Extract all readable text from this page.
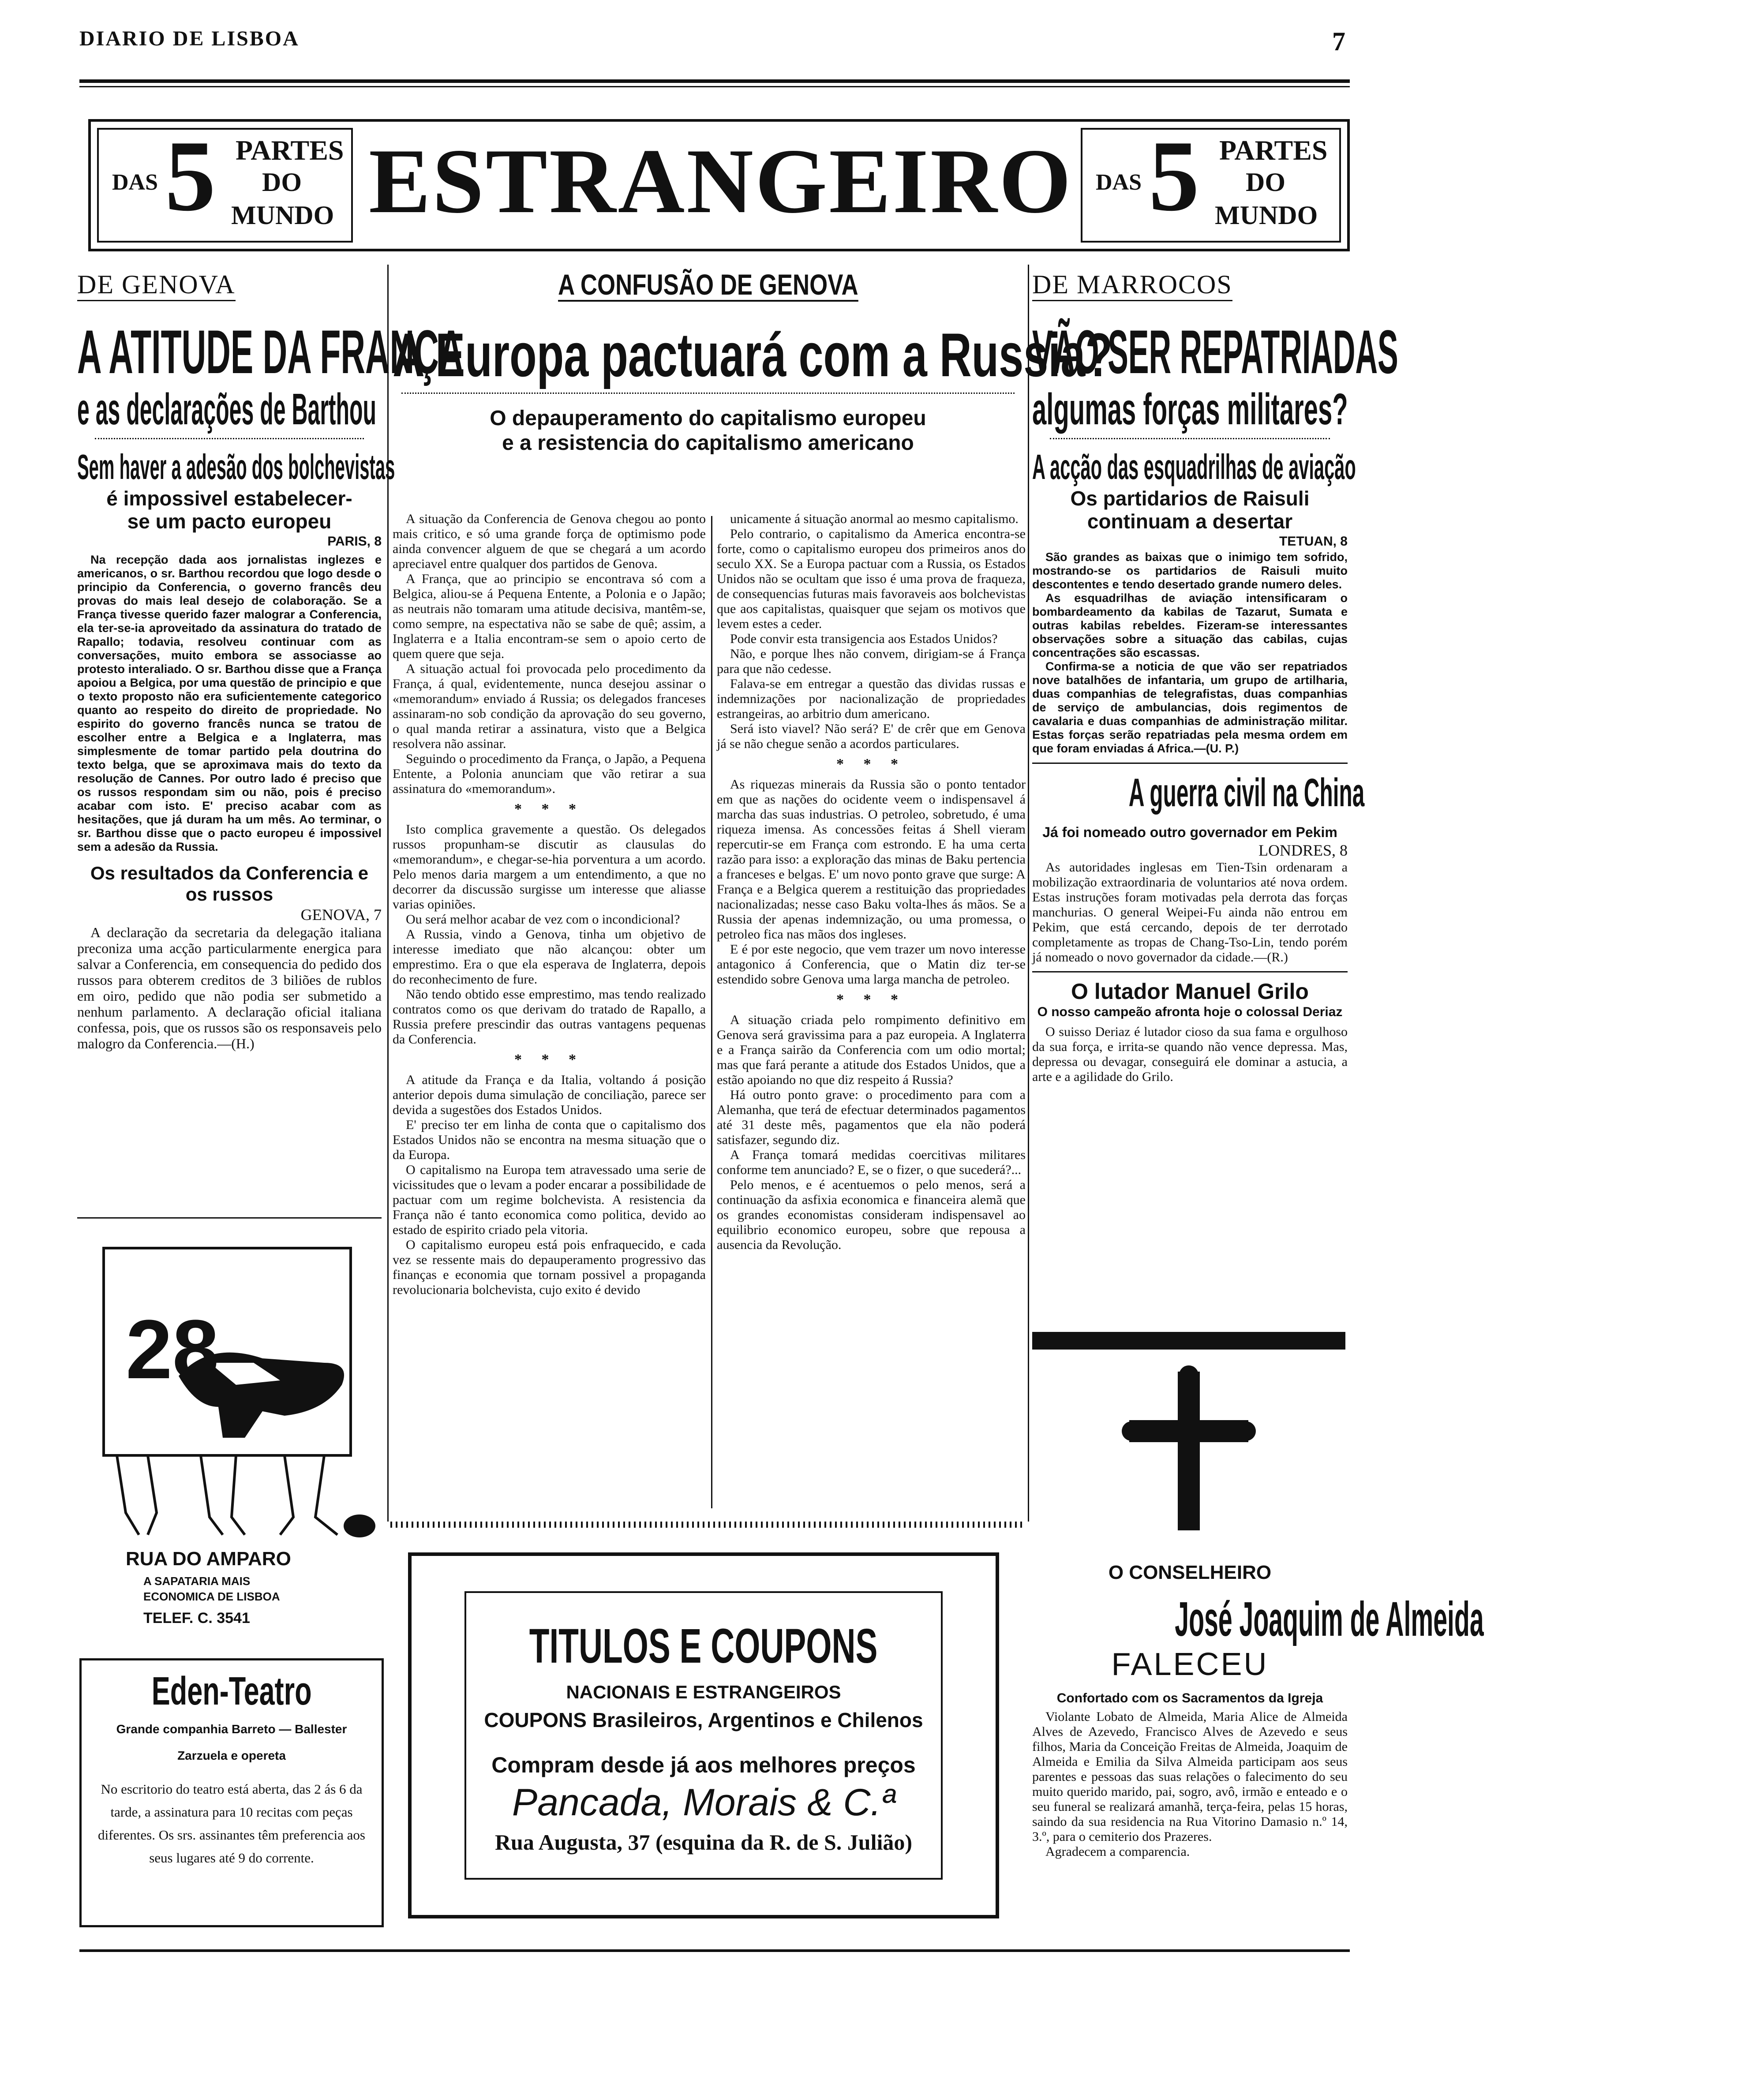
DIARIO DE LISBOA	7
DAS 5 PARTES
DO
MUNDO ESTRANGEIRO DAS 5 PARTES
DO
MUNDO
DE GENOVA
A ATITUDE DA FRANÇA
e as declarações de Barthou
Sem haver a adesão dos bolchevistas
é impossivel estabelecer-
se um pacto europeu
PARIS, 8

Na recepção dada aos jornalistas inglezes e americanos, o sr. Barthou recordou que logo desde o principio da Conferencia, o governo francês deu provas do mais leal desejo de colaboração. Se a França tivesse querido fazer malograr a Conferencia, ela ter-se-ia aproveitado da assinatura do tratado de Rapallo; todavia, resolveu continuar com as conversações, muito embora se associasse ao protesto interaliado. O sr. Barthou disse que a França apoiou a Belgica, por uma questão de principio e que o texto proposto não era suficientemente categorico quanto ao respeito do direito de propriedade. No espirito do governo francês nunca se tratou de escolher entre a Belgica e a Inglaterra, mas simplesmente de tomar partido pela doutrina do texto belga, que se aproximava mais do texto da resolução de Cannes. Por outro lado é preciso que os russos respondam sim ou não, pois é preciso acabar com isto. E' preciso acabar com as hesitações, que já duram ha um mês. Ao terminar, o sr. Barthou disse que o pacto europeu é impossivel sem a adesão da Russia.

Os resultados da Conferencia e os russos
GENOVA, 7

A declaração da secretaria da delegação italiana preconiza uma acção particularmente energica para salvar a Conferencia, em consequencia do pedido dos russos para obterem creditos de 3 biliões de rublos em oiro, pedido que não podia ser submetido a nenhum parlamento. A declaração oficial italiana confessa, pois, que os russos são os responsaveis pelo malogro da Conferencia.—(H.)

28
RUA DO AMPARO
A SAPATARIA MAIS
ECONOMICA DE LISBOA
TELEF. C. 3541
Eden-Teatro
Grande companhia Barreto — Ballester
Zarzuela e opereta

No escritorio do teatro está aberta, das 2 ás 6 da tarde, a assinatura para 10 recitas com peças diferentes. Os srs. assinantes têm preferencia aos seus lugares até 9 do corrente.

A CONFUSÃO DE GENOVA
A Europa pactuará com a Russia?
O depauperamento do capitalismo europeu
e a resistencia do capitalismo americano

A situação da Conferencia de Genova chegou ao ponto mais critico, e só uma grande força de optimismo pode ainda convencer alguem de que se chegará a um acordo apreciavel entre qualquer dos partidos de Genova.

A França, que ao principio se encontrava só com a Belgica, aliou-se á Pequena Entente, a Polonia e o Japão; as neutrais não tomaram uma atitude decisiva, mantêm-se, como sempre, na espectativa não se sabe de quê; assim, a Inglaterra e a Italia encontram-se sem o apoio certo de quem quere que seja.

A situação actual foi provocada pelo procedimento da França, á qual, evidentemente, nunca desejou assinar o «memorandum» enviado á Russia; os delegados franceses assinaram-no sob condição da aprovação do seu governo, o qual manda retirar a assinatura, visto que a Belgica resolvera não assinar.

Seguindo o procedimento da França, o Japão, a Pequena Entente, a Polonia anunciam que vão retirar a sua assinatura do «memorandum».

* * *

Isto complica gravemente a questão. Os delegados russos propunham-se discutir as clausulas do «memorandum», e chegar-se-hia porventura a um acordo. Pelo menos daria margem a um entendimento, a que no decorrer da discussão surgisse um interesse que aliasse varias opiniões.

Ou será melhor acabar de vez com o incondicional?

A Russia, vindo a Genova, tinha um objetivo de interesse imediato que não alcançou: obter um emprestimo. Era o que ela esperava de Inglaterra, depois do reconhecimento de fure.

Não tendo obtido esse emprestimo, mas tendo realizado contratos como os que derivam do tratado de Rapallo, a Russia prefere prescindir das outras vantagens pequenas da Conferencia.

* * *

A atitude da França e da Italia, voltando á posição anterior depois duma simulação de conciliação, parece ser devida a sugestões dos Estados Unidos.

E' preciso ter em linha de conta que o capitalismo dos Estados Unidos não se encontra na mesma situação que o da Europa.

O capitalismo na Europa tem atravessado uma serie de vicissitudes que o levam a poder encarar a possibilidade de pactuar com um regime bolchevista. A resistencia da França não é tanto economica como politica, devido ao estado de espirito criado pela vitoria.

O capitalismo europeu está pois enfraquecido, e cada vez se ressente mais do depauperamento progressivo das finanças e economia que tornam possivel a propaganda revolucionaria bolchevista, cujo exito é devido

unicamente á situação anormal ao mesmo capitalismo.

Pelo contrario, o capitalismo da America encontra-se forte, como o capitalismo europeu dos primeiros anos do seculo XX. Se a Europa pactuar com a Russia, os Estados Unidos não se ocultam que isso é uma prova de fraqueza, de consequencias futuras mais favoraveis aos bolchevistas que aos capitalistas, quaisquer que sejam os motivos que levem estes a ceder.

Pode convir esta transigencia aos Estados Unidos?

Não, e porque lhes não convem, dirigiam-se á França para que não cedesse.

Falava-se em entregar a questão das dividas russas e indemnizações por nacionalização de propriedades estrangeiras, ao arbitrio dum americano.

Será isto viavel? Não será? E' de crêr que em Genova já se não chegue senão a acordos particulares.

* * *

As riquezas minerais da Russia são o ponto tentador em que as nações do ocidente veem o indispensavel á marcha das suas industrias. O petroleo, sobretudo, é uma riqueza imensa. As concessões feitas á Shell vieram repercutir-se em França com estrondo. E ha uma certa razão para isso: a exploração das minas de Baku pertencia a franceses e belgas. E' um novo ponto grave que surge: A França e a Belgica querem a restituição das propriedades nacionalizadas; nesse caso Baku volta-lhes ás mãos. Se a Russia der apenas indemnização, ou uma promessa, o petroleo fica nas mãos dos ingleses.

E é por este negocio, que vem trazer um novo interesse antagonico á Conferencia, que o Matin diz ter-se estendido sobre Genova uma larga mancha de petroleo.

* * *

A situação criada pelo rompimento definitivo em Genova será gravissima para a paz europeia. A Inglaterra e a França sairão da Conferencia com um odio mortal; mas que fará perante a atitude dos Estados Unidos, que a estão apoiando no que diz respeito á Russia?

Há outro ponto grave: o procedimento para com a Alemanha, que terá de efectuar determinados pagamentos até 31 deste mês, pagamentos que ela não poderá satisfazer, segundo diz.

A França tomará medidas coercitivas militares conforme tem anunciado? E, se o fizer, o que sucederá?...

Pelo menos, e é acentuemos o pelo menos, será a continuação da asfixia economica e financeira alemã que os grandes economistas consideram indispensavel ao equilibrio economico europeu, sobre que repousa a ausencia da Revolução.

TITULOS E COUPONS
NACIONAIS E ESTRANGEIROS
COUPONS Brasileiros, Argentinos e Chilenos
Compram desde já aos melhores preços
Pancada, Morais & C.ª
Rua Augusta, 37 (esquina da R. de S. Julião)
DE MARROCOS
VÃO SER REPATRIADAS
algumas forças militares?
A acção das esquadrilhas de aviação
Os partidarios de Raisuli
continuam a desertar
TETUAN, 8

São grandes as baixas que o inimigo tem sofrido, mostrando-se os partidarios de Raisuli muito descontentes e tendo desertado grande numero deles.

As esquadrilhas de aviação intensificaram o bombardeamento da kabilas de Tazarut, Sumata e outras kabilas rebeldes. Fizeram-se interessantes observações sobre a situação das cabilas, cujas concentrações são escassas.

Confirma-se a noticia de que vão ser repatriados nove batalhões de infantaria, um grupo de artilharia, duas companhias de telegrafistas, duas companhias de serviço de ambulancias, dois regimentos de cavalaria e duas companhias de administração militar. Estas forças serão repatriadas pela mesma ordem em que foram enviadas á Africa.—(U. P.)

A guerra civil na China
Já foi nomeado outro governador em Pekim
LONDRES, 8

As autoridades inglesas em Tien-Tsin ordenaram a mobilização extraordinaria de voluntarios até nova ordem. Estas instruções foram motivadas pela derrota das forças manchurias. O general Weipei-Fu ainda não entrou em Pekim, que está cercando, depois de ter derrotado completamente as tropas de Chang-Tso-Lin, tendo porém já nomeado o novo governador da cidade.—(R.)

O lutador Manuel Grilo
O nosso campeão afronta hoje o colossal Deriaz

O suisso Deriaz é lutador cioso da sua fama e orgulhoso da sua força, e irrita-se quando não vence depressa. Mas, depressa ou devagar, conseguirá ele dominar a astucia, a arte e a agilidade do Grilo.

O CONSELHEIRO
José Joaquim de Almeida
FALECEU
Confortado com os Sacramentos da Igreja

Violante Lobato de Almeida, Maria Alice de Almeida Alves de Azevedo, Francisco Alves de Azevedo e seus filhos, Maria da Conceição Freitas de Almeida, Joaquim de Almeida e Emilia da Silva Almeida participam aos seus parentes e pessoas das suas relações o falecimento do seu muito querido marido, pai, sogro, avô, irmão e enteado e o seu funeral se realizará amanhã, terça-feira, pelas 15 horas, saindo da sua residencia na Rua Vitorino Damasio n.º 14, 3.º, para o cemiterio dos Prazeres.

Agradecem a comparencia.
